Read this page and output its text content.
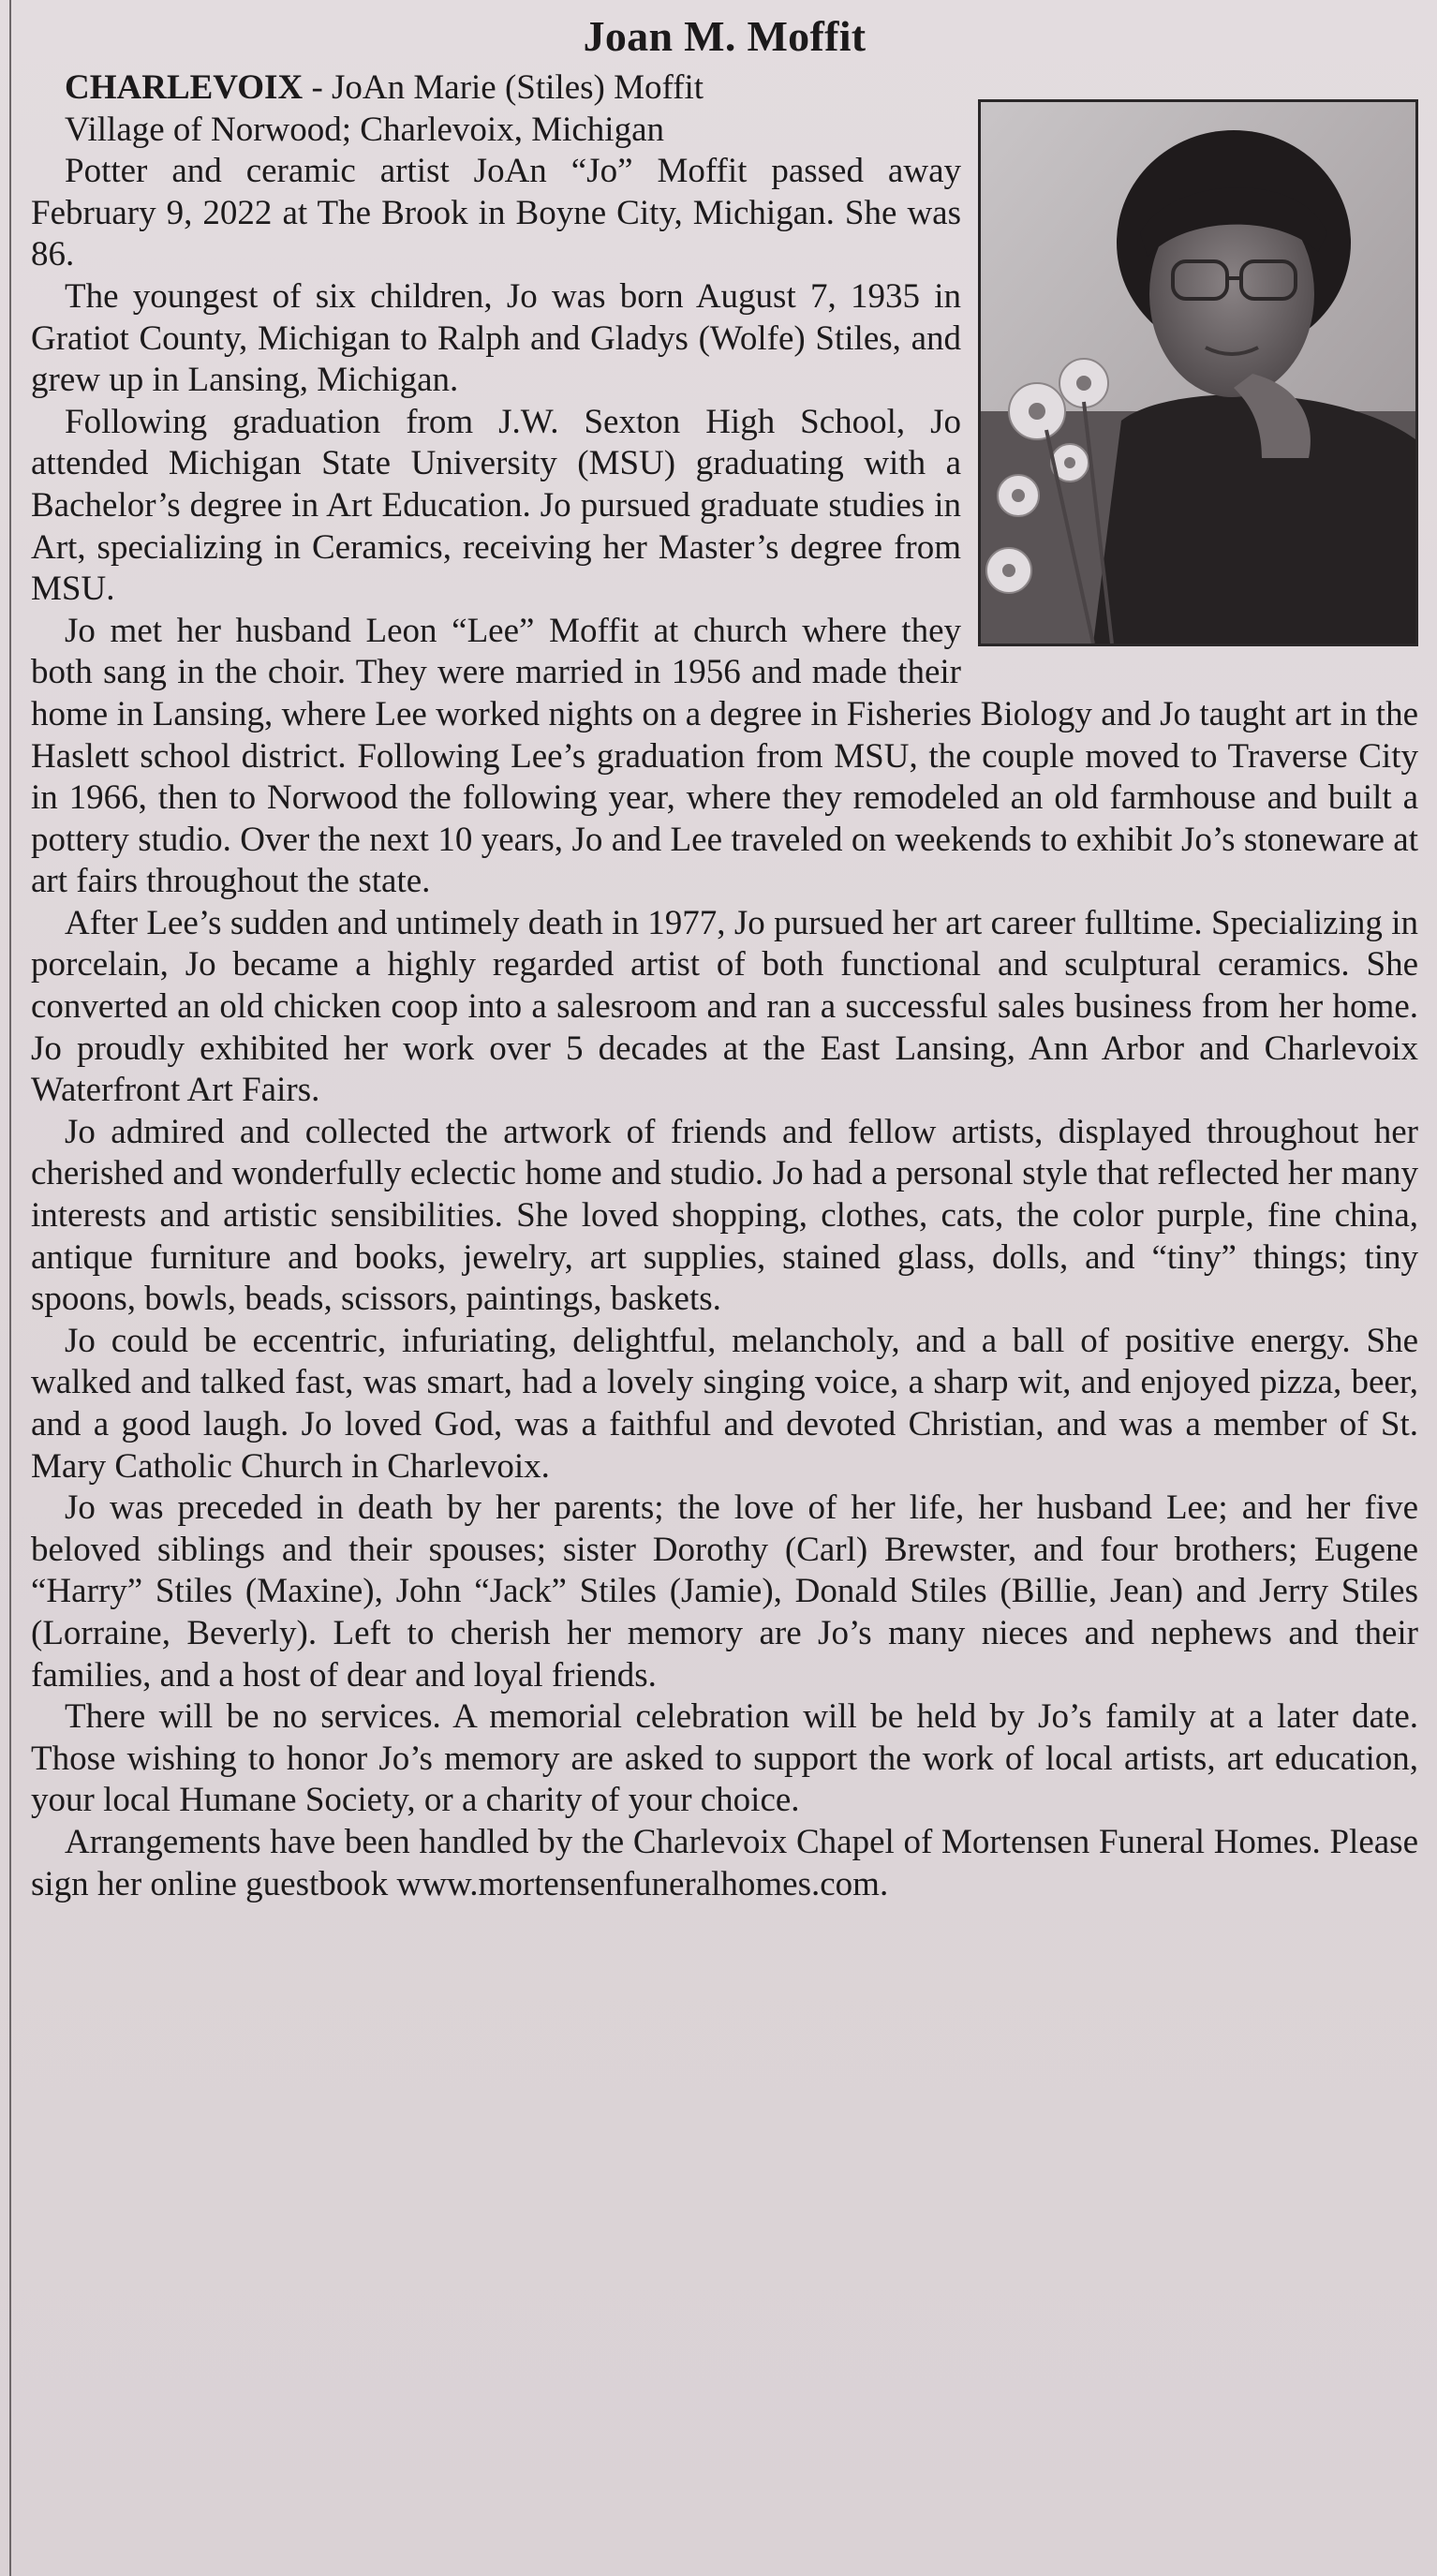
Joan M. Moffit

CHARLEVOIX - JoAn Marie (Stiles) Moffit

Village of Norwood; Charlevoix, Michigan

Potter and ceramic artist JoAn “Jo” Moffit passed away February 9, 2022 at The Brook in Boyne City, Michigan. She was 86.

The youngest of six children, Jo was born August 7, 1935 in Gratiot County, Michigan to Ralph and Gladys (Wolfe) Stiles, and grew up in Lansing, Michigan.

Following graduation from J.W. Sexton High School, Jo attended Michigan State University (MSU) graduating with a Bachelor’s degree in Art Education. Jo pursued graduate studies in Art, specializing in Ceramics, receiving her Master’s degree from MSU.

Jo met her husband Leon “Lee” Moffit at church where they both sang in the choir. They were married in 1956 and made their home in Lansing, where Lee worked nights on a degree in Fisheries Biology and Jo taught art in the Haslett school district. Following Lee’s graduation from MSU, the couple moved to Traverse City in 1966, then to Norwood the following year, where they remodeled an old farmhouse and built a pottery studio. Over the next 10 years, Jo and Lee traveled on weekends to exhibit Jo’s stoneware at art fairs throughout the state.

After Lee’s sudden and untimely death in 1977, Jo pursued her art career fulltime. Specializing in porcelain, Jo became a highly regarded artist of both functional and sculptural ceramics. She converted an old chicken coop into a salesroom and ran a successful sales business from her home. Jo proudly exhibited her work over 5 decades at the East Lansing, Ann Arbor and Charlevoix Waterfront Art Fairs.

Jo admired and collected the artwork of friends and fellow artists, displayed throughout her cherished and wonderfully eclectic home and studio. Jo had a personal style that reflected her many interests and artistic sensibilities. She loved shopping, clothes, cats, the color purple, fine china, antique furniture and books, jewelry, art supplies, stained glass, dolls, and “tiny” things; tiny spoons, bowls, beads, scissors, paintings, baskets.

Jo could be eccentric, infuriating, delightful, melancholy, and a ball of positive energy. She walked and talked fast, was smart, had a lovely singing voice, a sharp wit, and enjoyed pizza, beer, and a good laugh. Jo loved God, was a faithful and devoted Christian, and was a member of St. Mary Catholic Church in Charlevoix.

Jo was preceded in death by her parents; the love of her life, her husband Lee; and her five beloved siblings and their spouses; sister Dorothy (Carl) Brewster, and four brothers; Eugene “Harry” Stiles (Maxine), John “Jack” Stiles (Jamie), Donald Stiles (Billie, Jean) and Jerry Stiles (Lorraine, Beverly). Left to cherish her memory are Jo’s many nieces and nephews and their families, and a host of dear and loyal friends.

There will be no services. A memorial celebration will be held by Jo’s family at a later date. Those wishing to honor Jo’s memory are asked to support the work of local artists, art education, your local Humane Society, or a charity of your choice.

Arrangements have been handled by the Charlevoix Chapel of Mortensen Funeral Homes. Please sign her online guestbook www.mortensenfuneralhomes.com.
